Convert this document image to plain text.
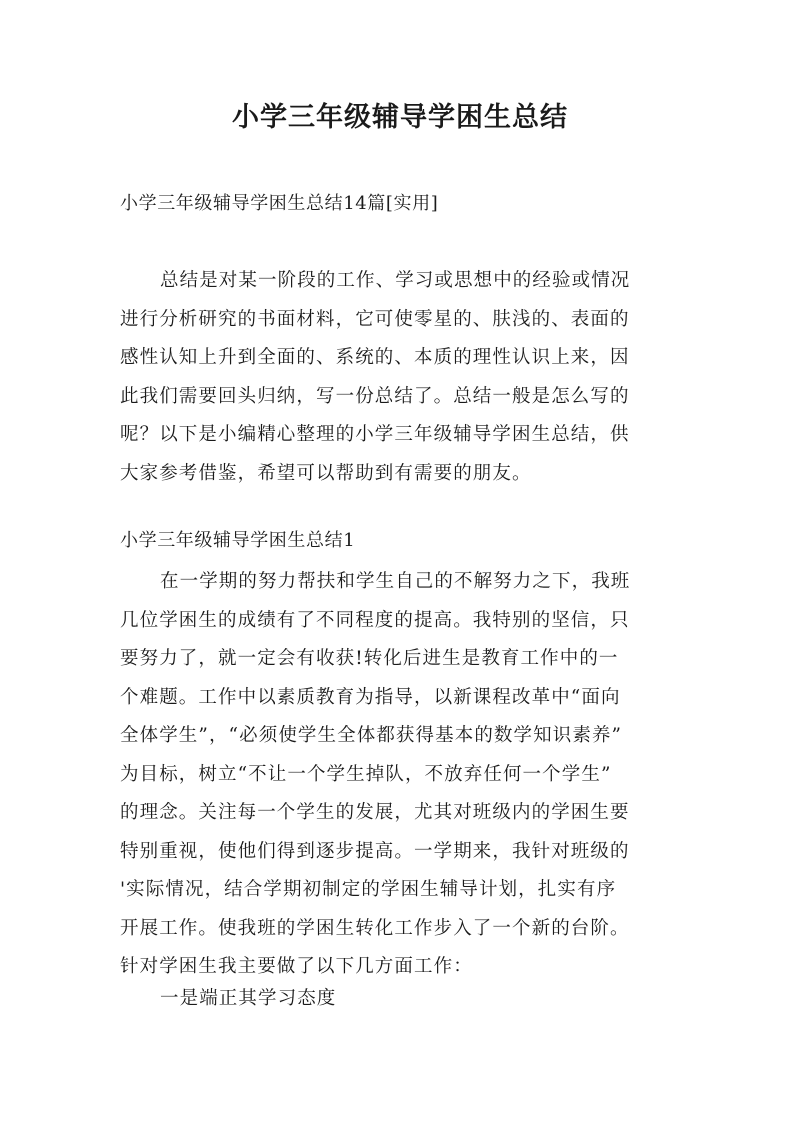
小学三年级辅导学困生总结
小学三年级辅导学困生总结14篇[实用]
总结是对某一阶段的工作、学习或思想中的经验或情况
进行分析研究的书面材料，它可使零星的、肤浅的、表面的
感性认知上升到全面的、系统的、本质的理性认识上来，因
此我们需要回头归纳，写一份总结了。总结一般是怎么写的
呢？以下是小编精心整理的小学三年级辅导学困生总结，供
大家参考借鉴，希望可以帮助到有需要的朋友。
小学三年级辅导学困生总结1
在一学期的努力帮扶和学生自己的不解努力之下，我班
几位学困生的成绩有了不同程度的提高。我特别的坚信，只
要努力了，就一定会有收获!转化后进生是教育工作中的一
个难题。工作中以素质教育为指导，以新课程改革中“面向
全体学生”，“必须使学生全体都获得基本的数学知识素养”
为目标，树立“不让一个学生掉队，不放弃任何一个学生”
的理念。关注每一个学生的发展，尤其对班级内的学困生要
特别重视，使他们得到逐步提高。一学期来，我针对班级的
'实际情况，结合学期初制定的学困生辅导计划，扎实有序
开展工作。使我班的学困生转化工作步入了一个新的台阶。
针对学困生我主要做了以下几方面工作：
一是端正其学习态度
